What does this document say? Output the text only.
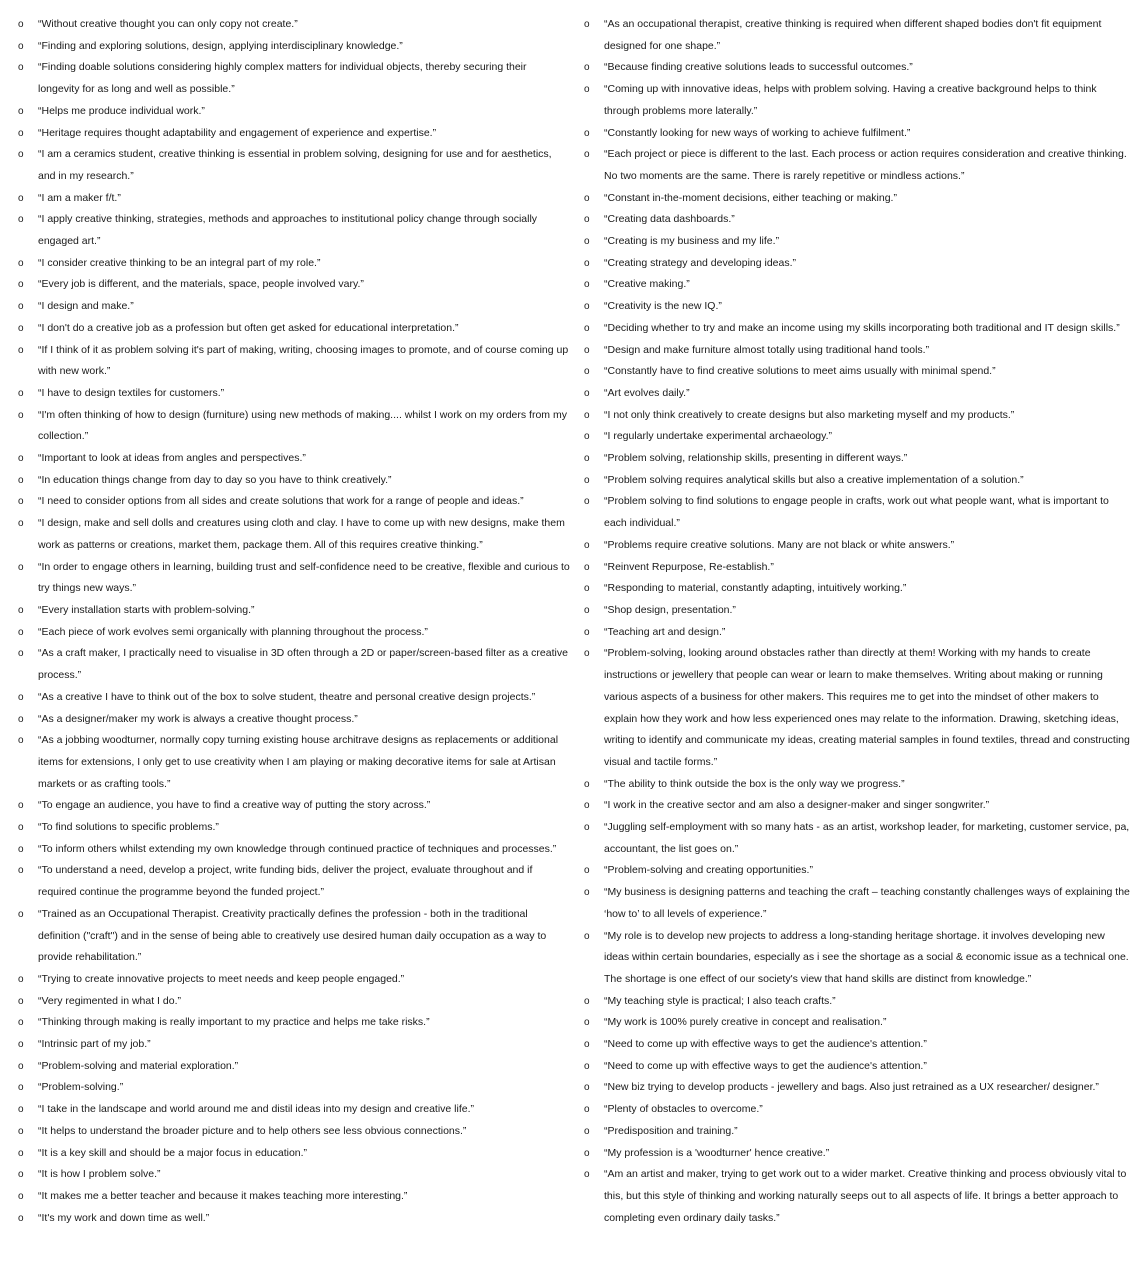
o “Without creative thought you can only copy not create.”
o “Finding and exploring solutions, design, applying interdisciplinary knowledge.”
o “Finding doable solutions considering highly complex matters for individual objects, thereby securing their longevity for as long and well as possible.”
o “Helps me produce individual work.”
o “Heritage requires thought adaptability and engagement of experience and expertise.”
o “I am a ceramics student, creative thinking is essential in problem solving, designing for use and for aesthetics, and in my research.”
o “I am a maker f/t.”
o “I apply creative thinking, strategies, methods and approaches to institutional policy change through socially engaged art.”
o “I consider creative thinking to be an integral part of my role.”
o “Every job is different, and the materials, space, people involved vary.”
o “I design and make.”
o “I don't do a creative job as a profession but often get asked for educational interpretation.”
o “If I think of it as problem solving it's part of making, writing, choosing images to promote, and of course coming up with new work.”
o “I have to design textiles for customers.”
o “I'm often thinking of how to design (furniture) using new methods of making.... whilst I work on my orders from my collection.”
o “Important to look at ideas from angles and perspectives.”
o “In education things change from day to day so you have to think creatively.”
o “I need to consider options from all sides and create solutions that work for a range of people and ideas.”
o “I design, make and sell dolls and creatures using cloth and clay. I have to come up with new designs, make them work as patterns or creations, market them, package them. All of this requires creative thinking.”
o “In order to engage others in learning, building trust and self-confidence need to be creative, flexible and curious to try things new ways.”
o “Every installation starts with problem-solving.”
o “Each piece of work evolves semi organically with planning throughout the process.”
o “As a craft maker, I practically need to visualise in 3D often through a 2D or paper/screen-based filter as a creative process.”
o “As a creative I have to think out of the box to solve student, theatre and personal creative design projects.”
o “As a designer/maker my work is always a creative thought process.”
o “As a jobbing woodturner, normally copy turning existing house architrave designs as replacements or additional items for extensions, I only get to use creativity when I am playing or making decorative items for sale at Artisan markets or as crafting tools.”
o “To engage an audience, you have to find a creative way of putting the story across.”
o “To find solutions to specific problems.”
o “To inform others whilst extending my own knowledge through continued practice of techniques and processes.”
o “To understand a need, develop a project, write funding bids, deliver the project, evaluate throughout and if required continue the programme beyond the funded project.”
o “Trained as an Occupational Therapist. Creativity practically defines the profession - both in the traditional definition ("craft") and in the sense of being able to creatively use desired human daily occupation as a way to provide rehabilitation.”
o “Trying to create innovative projects to meet needs and keep people engaged.”
o “Very regimented in what I do.”
o “Thinking through making is really important to my practice and helps me take risks.”
o “Intrinsic part of my job.”
o “Problem-solving and material exploration.”
o “Problem-solving.”
o “I take in the landscape and world around me and distil ideas into my design and creative life.”
o “It helps to understand the broader picture and to help others see less obvious connections.”
o “It is a key skill and should be a major focus in education.”
o “It is how I problem solve.”
o “It makes me a better teacher and because it makes teaching more interesting.”
o “It's my work and down time as well.”
o “As an occupational therapist, creative thinking is required when different shaped bodies don't fit equipment designed for one shape.”
o “Because finding creative solutions leads to successful outcomes.”
o “Coming up with innovative ideas, helps with problem solving. Having a creative background helps to think through problems more laterally.”
o “Constantly looking for new ways of working to achieve fulfilment.”
o “Each project or piece is different to the last. Each process or action requires consideration and creative thinking. No two moments are the same. There is rarely repetitive or mindless actions.”
o “Constant in-the-moment decisions, either teaching or making.”
o “Creating data dashboards.”
o “Creating is my business and my life.”
o “Creating strategy and developing ideas.”
o “Creative making.”
o “Creativity is the new IQ.”
o “Deciding whether to try and make an income using my skills incorporating both traditional and IT design skills.”
o “Design and make furniture almost totally using traditional hand tools.”
o “Constantly have to find creative solutions to meet aims usually with minimal spend.”
o “Art evolves daily.”
o “I not only think creatively to create designs but also marketing myself and my products.”
o “I regularly undertake experimental archaeology.”
o “Problem solving, relationship skills, presenting in different ways.”
o “Problem solving requires analytical skills but also a creative implementation of a solution.”
o “Problem solving to find solutions to engage people in crafts, work out what people want, what is important to each individual.”
o “Problems require creative solutions. Many are not black or white answers.”
o “Reinvent Repurpose, Re-establish.”
o “Responding to material, constantly adapting, intuitively working.”
o “Shop design, presentation.”
o “Teaching art and design.”
o “Problem-solving, looking around obstacles rather than directly at them! Working with my hands to create instructions or jewellery that people can wear or learn to make themselves. Writing about making or running various aspects of a business for other makers. This requires me to get into the mindset of other makers to explain how they work and how less experienced ones may relate to the information. Drawing, sketching ideas, writing to identify and communicate my ideas, creating material samples in found textiles, thread and constructing visual and tactile forms.”
o “The ability to think outside the box is the only way we progress.”
o “I work in the creative sector and am also a designer-maker and singer songwriter.”
o “Juggling self-employment with so many hats - as an artist, workshop leader, for marketing, customer service, pa, accountant, the list goes on.”
o “Problem-solving and creating opportunities.”
o “My business is designing patterns and teaching the craft – teaching constantly challenges ways of explaining the ‘how to’ to all levels of experience.”
o “My role is to develop new projects to address a long-standing heritage shortage. it involves developing new ideas within certain boundaries, especially as i see the shortage as a social & economic issue as a technical one. The shortage is one effect of our society's view that hand skills are distinct from knowledge.”
o “My teaching style is practical; I also teach crafts.”
o “My work is 100% purely creative in concept and realisation.”
o “Need to come up with effective ways to get the audience's attention.”
o “Need to come up with effective ways to get the audience's attention.”
o “New biz trying to develop products - jewellery and bags. Also just retrained as a UX researcher/ designer.”
o “Plenty of obstacles to overcome.”
o “Predisposition and training.”
o “My profession is a 'woodturner' hence creative.”
o “Am an artist and maker, trying to get work out to a wider market. Creative thinking and process obviously vital to this, but this style of thinking and working naturally seeps out to all aspects of life. It brings a better approach to completing even ordinary daily tasks.”
